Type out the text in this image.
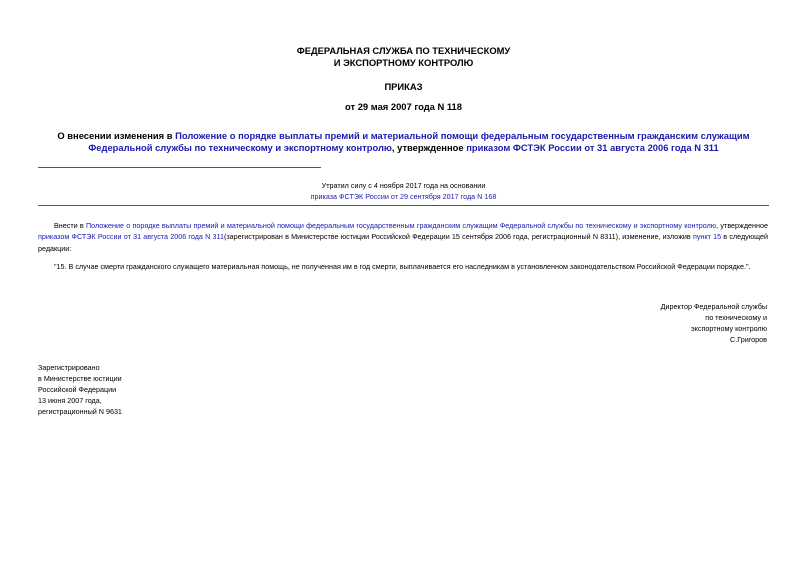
ФЕДЕРАЛЬНАЯ СЛУЖБА ПО ТЕХНИЧЕСКОМУ
И ЭКСПОРТНОМУ КОНТРОЛЮ
ПРИКАЗ
от 29 мая 2007 года N 118
О внесении изменения в Положение о порядке выплаты премий и материальной помощи федеральным государственным гражданским служащим Федеральной службы по техническому и экспортному контролю, утвержденное приказом ФСТЭК России от 31 августа 2006 года N 311
Утратил силу с 4 ноября 2017 года на основании
приказа ФСТЭК России от 29 сентября 2017 года N 168
Внести в Положение о порядке выплаты премий и материальной помощи федеральным государственным гражданским служащим Федеральной службы по техническому и экспортному контролю, утвержденное приказом ФСТЭК России от 31 августа 2006 года N 311(зарегистрирован в Министерстве юстиции Российской Федерации 15 сентября 2006 года, регистрационный N 8311), изменение, изложив пункт 15 в следующей редакции:
"15. В случае смерти гражданского служащего материальная помощь, не полученная им в год смерти, выплачивается его наследникам в установленном законодательством Российской Федерации порядке.".
Директор Федеральной службы
по техническому и
экспортному контролю
С.Григоров
Зарегистрировано
в Министерстве юстиции
Российской Федерации
13 июня 2007 года,
регистрационный N 9631
